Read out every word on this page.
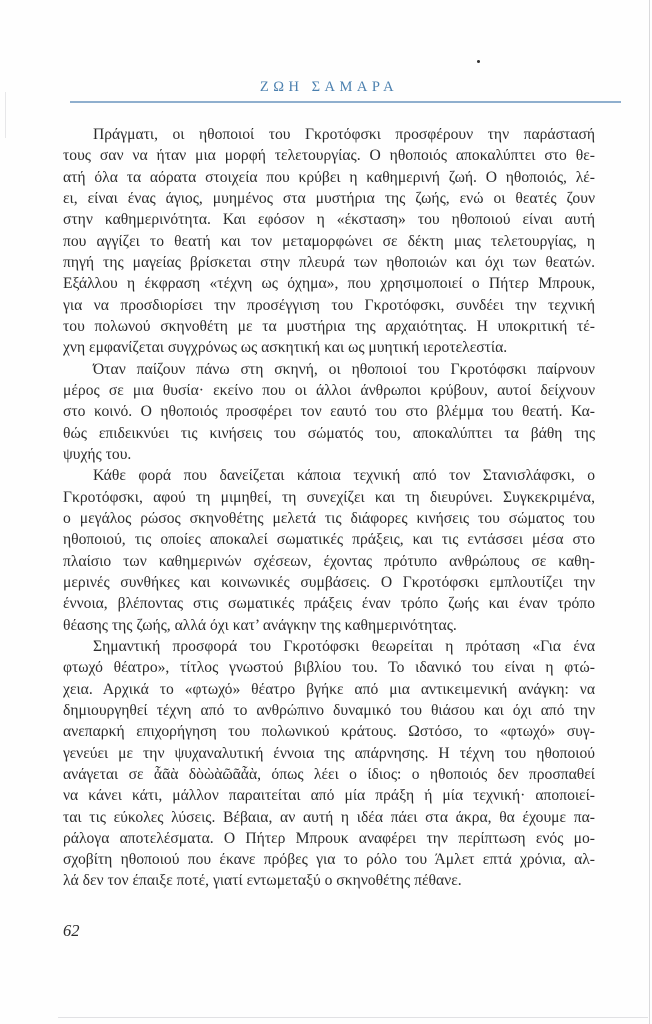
ΖΩΗ ΣΑΜΑΡΑ
Πράγματι, οι ηθοποιοί του Γκροτόφσκι προσφέρουν την παράστασή
τους σαν να ήταν μια μορφή τελετουργίας. Ο ηθοποιός αποκαλύπτει στο θε-
ατή όλα τα αόρατα στοιχεία που κρύβει η καθημερινή ζωή. Ο ηθοποιός, λέ-
ει, είναι ένας άγιος, μυημένος στα μυστήρια της ζωής, ενώ οι θεατές ζουν
στην καθημερινότητα. Και εφόσον η «έκσταση» του ηθοποιού είναι αυτή
που αγγίζει το θεατή και τον μεταμορφώνει σε δέκτη μιας τελετουργίας, η
πηγή της μαγείας βρίσκεται στην πλευρά των ηθοποιών και όχι των θεατών.
Εξάλλου η έκφραση «τέχνη ως όχημα», που χρησιμοποιεί ο Πήτερ Μπρουκ,
για να προσδιορίσει την προσέγγιση του Γκροτόφσκι, συνδέει την τεχνική
του πολωνού σκηνοθέτη με τα μυστήρια της αρχαιότητας. Η υποκριτική τέ-
χνη εμφανίζεται συγχρόνως ως ασκητική και ως μυητική ιεροτελεστία.
Όταν παίζουν πάνω στη σκηνή, οι ηθοποιοί του Γκροτόφσκι παίρνουν
μέρος σε μια θυσία· εκείνο που οι άλλοι άνθρωποι κρύβουν, αυτοί δείχνουν
στο κοινό. Ο ηθοποιός προσφέρει τον εαυτό του στο βλέμμα του θεατή. Κα-
θώς επιδεικνύει τις κινήσεις του σώματός του, αποκαλύπτει τα βάθη της
ψυχής του.
Κάθε φορά που δανείζεται κάποια τεχνική από τον Στανισλάφσκι, ο
Γκροτόφσκι, αφού τη μιμηθεί, τη συνεχίζει και τη διευρύνει. Συγκεκριμένα,
ο μεγάλος ρώσος σκηνοθέτης μελετά τις διάφορες κινήσεις του σώματος του
ηθοποιού, τις οποίες αποκαλεί σωματικές πράξεις, και τις εντάσσει μέσα στο
πλαίσιο των καθημερινών σχέσεων, έχοντας πρότυπο ανθρώπους σε καθη-
μερινές συνθήκες και κοινωνικές συμβάσεις. Ο Γκροτόφσκι εμπλουτίζει την
έννοια, βλέποντας στις σωματικές πράξεις έναν τρόπο ζωής και έναν τρόπο
θέασης της ζωής, αλλά όχι κατ’ ανάγκην της καθημερινότητας.
Σημαντική προσφορά του Γκροτόφσκι θεωρείται η πρόταση «Για ένα
φτωχό θέατρο», τίτλος γνωστού βιβλίου του. Το ιδανικό του είναι η φτώ-
χεια. Αρχικά το «φτωχό» θέατρο βγήκε από μια αντικειμενική ανάγκη: να
δημιουργηθεί τέχνη από το ανθρώπινο δυναμικό του θιάσου και όχι από την
ανεπαρκή επιχορήγηση του πολωνικού κράτους. Ωστόσο, το «φτωχό» συγ-
γενεύει με την ψυχαναλυτική έννοια της απάρνησης. Η τέχνη του ηθοποιού
ανάγεται σε ἇᾶὰ δὸὼὰῶᾶἇὰ, όπως λέει ο ίδιος: ο ηθοποιός δεν προσπαθεί
να κάνει κάτι, μάλλον παραιτείται από μία πράξη ή μία τεχνική· αποποιεί-
ται τις εύκολες λύσεις. Βέβαια, αν αυτή η ιδέα πάει στα άκρα, θα έχουμε πα-
ράλογα αποτελέσματα. Ο Πήτερ Μπρουκ αναφέρει την περίπτωση ενός μο-
σχοβίτη ηθοποιού που έκανε πρόβες για το ρόλο του Άμλετ επτά χρόνια, αλ-
λά δεν τον έπαιξε ποτέ, γιατί εντωμεταξύ ο σκηνοθέτης πέθανε.
62
